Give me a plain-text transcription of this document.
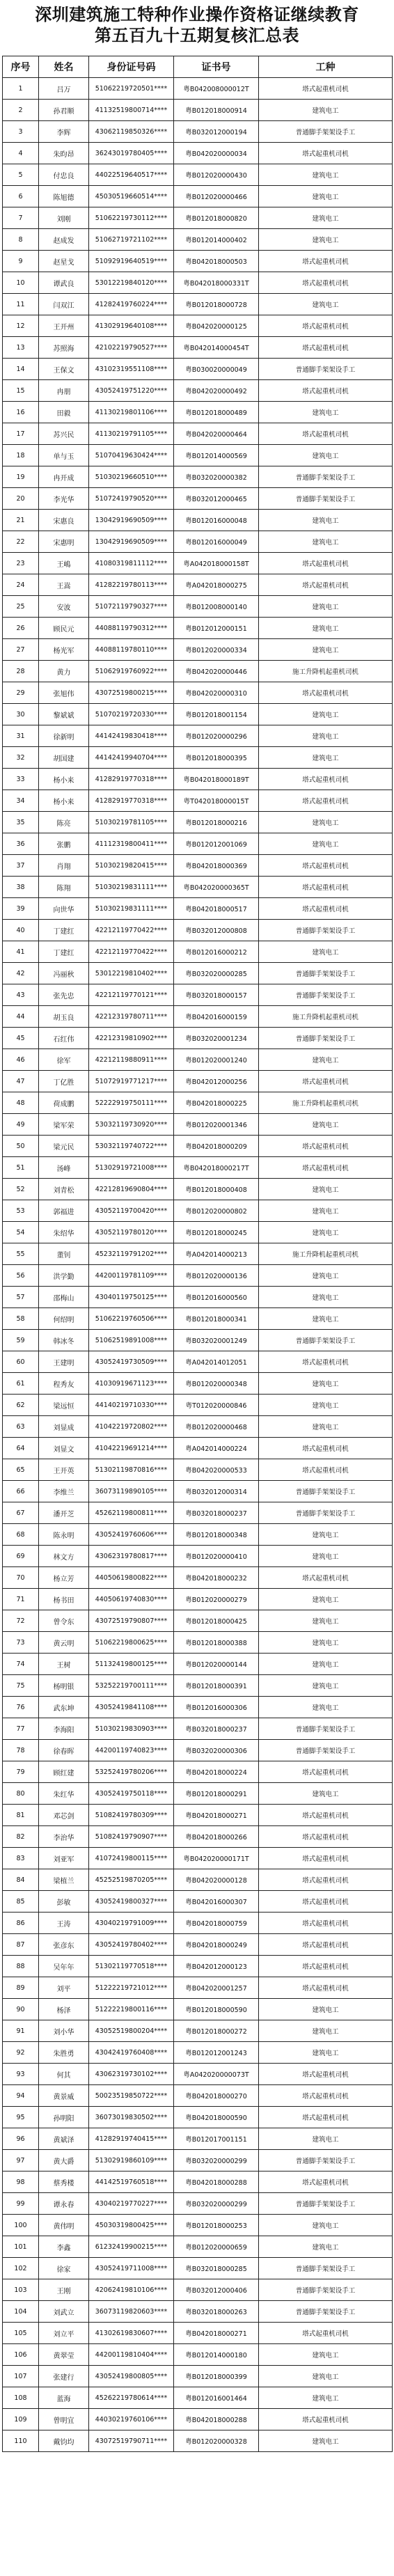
深圳建筑施工特种作业操作资格证继续教育
第五百九十五期复核汇总表
序号	姓名	身份证号码	证书号	工种
1	吕万	51062219720501****	粤B042008000012T	塔式起重机司机
2	孙君顺	41132519800714****	粤B012018000914	建筑电工
3	李辉	43062119850326****	粤B032012000194	普通脚手架架设手工
4	朱昀昂	36243019780405****	粤B042020000034	塔式起重机司机
5	付忠良	44022519640517****	粤B012020000430	建筑电工
6	陈旭德	45030519660514****	粤B012020000466	建筑电工
7	刘刚	51062219730112****	粤B012018000820	建筑电工
8	赵成发	51062719721102****	粤B012014000402	建筑电工
9	赵星戈	51092919640519****	粤B042018000503	塔式起重机司机
10	谭武良	53012219840120****	粤B042018000331T	塔式起重机司机
11	闫双江	41282419760224****	粤B012018000728	建筑电工
12	王开州	41302919640108****	粤B042020000125	塔式起重机司机
13	苏照海	42102219790527****	粤B042014000454T	塔式起重机司机
14	王保文	43102319551108****	粤B030020000049	普通脚手架架设手工
15	冉朋	43052419751220****	粤B042020000492	塔式起重机司机
16	田毅	41130219801106****	粤B012018000489	建筑电工
17	苏兴民	41130219791105****	粤B042020000464	塔式起重机司机
18	单与玉	51070419630424****	粤B012014000569	建筑电工
19	冉开成	51030219660510****	粤B032020000382	普通脚手架架设手工
20	李光华	51072419790520****	粤B032012000465	普通脚手架架设手工
21	宋惠良	13042919690509****	粤B012016000048	建筑电工
22	宋惠明	13042919690509****	粤B012016000049	建筑电工
23	王嶋	41080319811112****	粤A042018000158T	塔式起重机司机
24	王嵩	41282219780113****	粤A042018000275	塔式起重机司机
25	安波	51072119790327****	粤B012008000140	建筑电工
26	顾民元	44088119790312****	粤B012012000151	建筑电工
27	杨光军	44088119780110****	粤B012020000334	建筑电工
28	黄力	51062919760922****	粤B042020000446	施工升降机起重机司机
29	张旭伟	43072519800215****	粤B042020000310	塔式起重机司机
30	黎斌斌	51070219720330****	粤B012018001154	建筑电工
31	徐新明	44142419830418****	粤B012020000296	建筑电工
32	胡国建	44142419940704****	粤B012018000395	建筑电工
33	杨小来	41282919770318****	粤B042018000189T	塔式起重机司机
34	杨小来	41282919770318****	粤T042018000015T	塔式起重机司机
35	陈亮	51030219781105****	粤B012018000216	建筑电工
36	张鹏	41112319800411****	粤B012012001069	建筑电工
37	肖翔	51030219820415****	粤B042018000369	塔式起重机司机
38	陈翔	51030219831111****	粤B042020000365T	塔式起重机司机
39	向世华	51030219831111****	粤B042018000517	塔式起重机司机
40	丁建红	42212119770422****	粤B032012000808	普通脚手架架设手工
41	丁建红	42212119770422****	粤B012016000212	建筑电工
42	冯丽秋	53012219810402****	粤B032020000285	普通脚手架架设手工
43	张先忠	42212119770121****	粤B032018000157	普通脚手架架设手工
44	胡玉良	42212319780711****	粤B042016000159	施工升降机起重机司机
45	石红伟	42212319810902****	粤B032020001234	普通脚手架架设手工
46	徐军	42212119880911****	粤B012020001240	建筑电工
47	丁亿胜	51072919771217****	粤B042012000256	塔式起重机司机
48	荷成鹏	52222919750111****	粤B042018000225	施工升降机起重机司机
49	梁军荣	53032119730920****	粤B012020001346	建筑电工
50	梁元民	53032119740722****	粤B042018000209	塔式起重机司机
51	汤峰	51302919721008****	粤B042018000217T	塔式起重机司机
52	刘青松	42212819690804****	粤B012018000408	建筑电工
53	郭福进	43052119700420****	粤B012020000802	建筑电工
54	朱绍华	43052119780120****	粤B012018000245	建筑电工
55	董钊	45232119791202****	粤A042014000213	施工升降机起重机司机
56	洪学勤	44200119781109****	粤B012020000136	建筑电工
57	邵梅山	43040119750125****	粤B012016000560	建筑电工
58	何绍明	51062219760506****	粤B012018000341	建筑电工
59	韩冰冬	51062519891008****	粤B032020001249	普通脚手架架设手工
60	王建明	43052419730509****	粤A042014012051	塔式起重机司机
61	程秀友	41030919671123****	粤B012020000348	建筑电工
62	梁远恒	44140219710330****	粤T012020000846	建筑电工
63	刘显成	41042219720802****	粤B012020000468	建筑电工
64	刘显文	41042219691214****	粤A042014000224	塔式起重机司机
65	王开英	51302119870816****	粤B042020000533	塔式起重机司机
66	李维兰	36073119890105****	粤B032012000314	普通脚手架架设手工
67	潘开芝	45262119800811****	粤B032018000237	普通脚手架架设手工
68	陈永明	43052419760606****	粤B012018000348	建筑电工
69	林文方	43062319780817****	粤B012020000410	建筑电工
70	杨立芳	44050619800822****	粤B042018000232	塔式起重机司机
71	杨书田	44050619740830****	粤B012020000279	建筑电工
72	曾令东	43072519790807****	粤B012018000425	建筑电工
73	黄云明	51062219800625****	粤B012018000388	建筑电工
74	王树	51132419800125****	粤B012020000144	建筑电工
75	杨明银	53252219700111****	粤B012018000391	建筑电工
76	武东坤	43052419841108****	粤B012016000306	建筑电工
77	李海阳	51030219830903****	粤B032018000237	普通脚手架架设手工
78	徐春晖	44200119740823****	粤B032020000306	普通脚手架架设手工
79	顾红建	53252419780206****	粤B042018000224	塔式起重机司机
80	朱红华	43052419750118****	粤B012018000291	建筑电工
81	邓芯剑	51082419780309****	粤B042018000271	塔式起重机司机
82	李治华	51082419790907****	粤B042018000266	塔式起重机司机
83	刘亚军	41072419800115****	粤B042020000171T	塔式起重机司机
84	梁植兰	45252519870205****	粤B042020000128	塔式起重机司机
85	彭敏	43052419800327****	粤B042016000307	塔式起重机司机
86	王涛	43040219791009****	粤B042018000759	塔式起重机司机
87	张彦东	43052419780402****	粤B042018000249	塔式起重机司机
88	吴年年	51302119770518****	粤B042012000123	塔式起重机司机
89	刘平	51222219721012****	粤B042020001257	塔式起重机司机
90	杨泽	51222219800116****	粤B012018000590	建筑电工
91	刘小华	43052519800204****	粤B012018000272	建筑电工
92	朱胜勇	43042419760408****	粤B012012001243	建筑电工
93	何其	43062319730102****	粤A042020000073T	塔式起重机司机
94	黄景威	50023519850722****	粤B042018000270	塔式起重机司机
95	孙明阳	36073019830502****	粤B042018000590	塔式起重机司机
96	黄斌泽	41282919740415****	粤B012017001151	建筑电工
97	黄大爵	51302919860109****	粤B032020000299	普通脚手架架设手工
98	蔡秀楼	44142519760518****	粤B042018000288	塔式起重机司机
99	谭永春	43040219770227****	粤B032020000299	普通脚手架架设手工
100	黄伟明	45030319800425****	粤B012018000253	建筑电工
101	李鑫	61232419900215****	粤B012020000659	建筑电工
102	徐家	43052419711008****	粤B032018000285	普通脚手架架设手工
103	王刚	42062419810106****	粤B032012000406	普通脚手架架设手工
104	刘武立	36073119820603****	粤B032018000263	普通脚手架架设手工
105	刘立平	41302619830607****	粤B042018000271	塔式起重机司机
106	黄翠莹	44200119810404****	粤B012014000180	建筑电工
107	张建行	43052419800805****	粤B012018000399	建筑电工
108	蓝海	45262219780614****	粤B012016001464	建筑电工
109	曾明宜	44030219760106****	粤B042018000288	塔式起重机司机
110	戴钧均	43072519790711****	粤B012020000328	建筑电工
